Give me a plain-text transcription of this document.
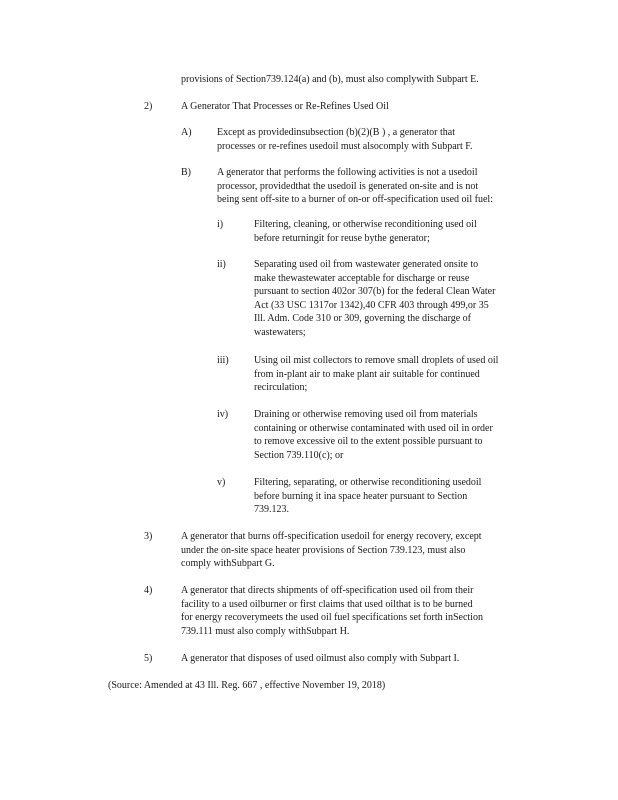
provisions of Section739.124(a) and (b), must also complywith Subpart E.
2)	A Generator That Processes or Re-Refines Used Oil
A)	Except as providedinsubsection (b)(2)(B ) , a generator that
processes or re-refines usedoil must alsocomply with Subpart F.
B)	A generator that performs the following activities is not a usedoil
processor, providedthat the usedoil is generated on-site and is not
being sent off-site to a burner of on-or off-specification used oil fuel:
i)	Filtering, cleaning, or otherwise reconditioning used oil
before returningit for reuse bythe generator;
ii)	Separating used oil from wastewater generated onsite to
make thewastewater acceptable for discharge or reuse
pursuant to section 402or 307(b) for the federal Clean Water
Act (33 USC 1317or 1342),40 CFR 403 through 499,or 35
Ill. Adm. Code 310 or 309, governing the discharge of
wastewaters;
iii)	Using oil mist collectors to remove small droplets of used oil
from in-plant air to make plant air suitable for continued
recirculation;
iv)	Draining or otherwise removing used oil from materials
containing or otherwise contaminated with used oil in order
to remove excessive oil to the extent possible pursuant to
Section 739.110(c); or
v)	Filtering, separating, or otherwise reconditioning usedoil
before burning it ina space heater pursuant to Section
739.123.
3)	A generator that burns off-specification usedoil for energy recovery, except
under the on-site space heater provisions of Section 739.123, must also
comply withSubpart G.
4)	A generator that directs shipments of off-specification used oil from their
facility to a used oilburner or first claims that used oilthat is to be burned
for energy recoverymeets the used oil fuel specifications set forth inSection
739.111 must also comply withSubpart H.
5)	A generator that disposes of used oilmust also comply with Subpart I.
(Source: Amended at 43 Ill. Reg. 667 , effective November 19, 2018)
